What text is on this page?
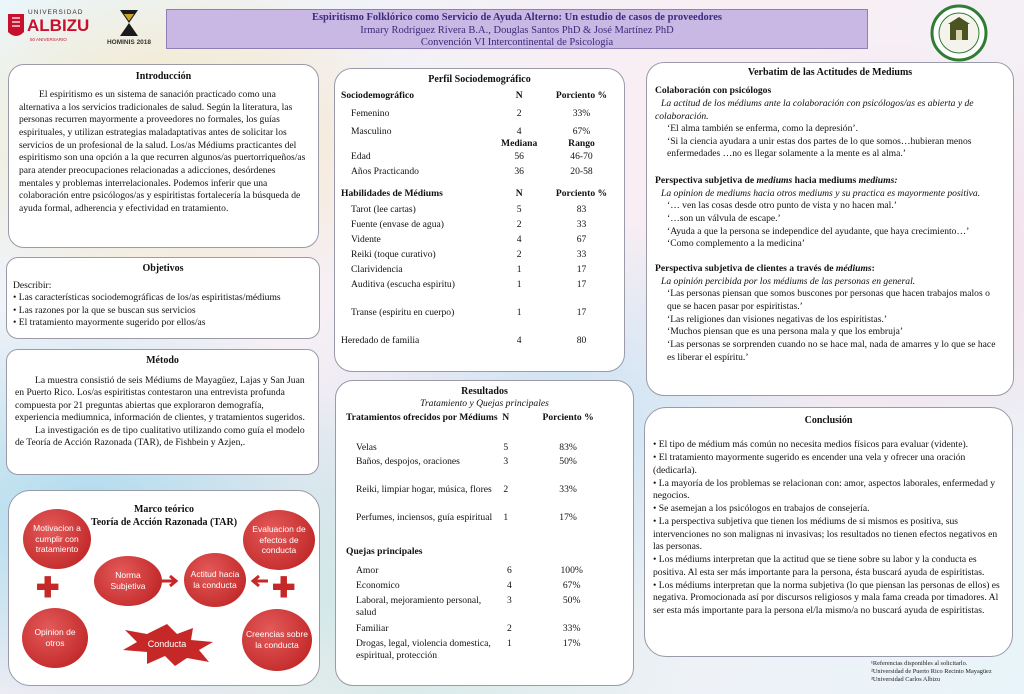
UNIVERSIDAD
ALBIZU
50 ANIVERSARIO	HOMINIS 2018
Espiritismo Folklórico como Servicio de Ayuda Alterno: Un estudio de casos de proveedores
Irmary Rodríguez Rivera B.A., Douglas Santos PhD & José Martínez PhD
Convención VI Intercontinental de Psicología
Introducción

El espiritismo es un sistema de sanación practicado como una alternativa a los servicios tradicionales de salud. Según la literatura, las personas recurren mayormente a proveedores no formales, los guías espirituales, y utilizan estrategias maladaptativas antes de solicitar los servicios de un profesional de la salud. Los/as Médiums practicantes del espiritismo son una opción a la que recurren algunos/as puertorriqueños/as para atender preocupaciones relacionadas a adicciones, desórdenes mentales y problemas interrelacionales. Podemos inferir que una colaboración entre psicólogos/as y espiritistas fortalecería la búsqueda de ayuda formal, adherencia y efectividad en tratamiento.

Objetivos
Describir:
• Las características sociodemográficas de los/as espiritistas/médiums
• Las razones por la que se buscan sus servicios
• El tratamiento mayormente sugerido por ellos/as
Método

La muestra consistió de seis Médiums de Mayagüez, Lajas y San Juan en Puerto Rico. Los/as espiritistas contestaron una entrevista profunda compuesta por 21 preguntas abiertas que exploraron demografía, experiencia mediumnica, información de clientes, y tratamientos sugeridos.

La investigación es de tipo cualitativo utilizando como guía el modelo de Teoría de Acción Razonada (TAR), de Fishbein y Azjen,.

Marco teórico
Teoría de Acción Razonada (TAR)
Motivacion a cumplir con tratamiento
Opinion de otros
Norma Subjetiva
Actitud hacia la conducta
Evaluacion de efectos de conducta
Creencias sobre la conducta
Conducta
✚	✚
Perfil Sociodemográfico
Sociodemográfico	N	Porciento %
Femenino	2	33%
Masculino	4	67%
	Mediana	Rango
Edad	56	46-70
Años Practicando	36	20-58
Habilidades de Médiums	N	Porciento %
Tarot (lee cartas)	5	83
Fuente (envase de agua)	2	33
Vidente	4	67
Reiki (toque curativo)	2	33
Clarividencia	1	17
Auditiva (escucha espiritu)	1	17
Transe (espiritu en cuerpo)	1	17
Heredado de familia	4	80
Resultados
Tratamiento y Quejas principales
Tratamientos ofrecidos por Médiums	N	Porciento %
Velas	5	83%
Baños, despojos, oraciones	3	50%
Reiki, limpiar hogar, música, flores	2	33%
Perfumes, inciensos, guía espiritual	1	17%
Quejas principales
Amor	6	100%
Economico	4	67%
Laboral, mejoramiento personal, salud	3	50%
Familiar	2	33%
Drogas, legal, violencia domestica, espiritual, protección	1	17%
Verbatim de las Actitudes de Mediums
Colaboración con psicólogos
La actitud de los médiums ante la colaboración con psicólogos/as es abierta y de colaboración.
‘El alma también se enferma, como la depresión’.
‘Si la ciencia ayudara a unir estas dos partes de lo que somos…hubieran menos enfermedades …no es llegar solamente a la mente es al alma.’
Perspectiva subjetiva de mediums hacia mediums mediums:
La opinion de mediums hacia otros mediums y su practica es mayormente positiva.
‘… ven las cosas desde otro punto de vista y no hacen mal.’
‘…son un válvula de escape.’
‘Ayuda a que la persona se independice del ayudante, que haya crecimiento…’
‘Como complemento a la medicina’
Perspectiva subjetiva de clientes a través de médiums:
La opinión percibida por los médiums de las personas en general.
‘Las personas piensan que somos buscones por personas que hacen trabajos malos o que se hacen pasar por espiritistas.’
‘Las religiones dan visiones negativas de los espiritistas.’
‘Muchos piensan que es una persona mala y que los embruja’
‘Las personas se sorprenden cuando no se hace mal, nada de amarres y lo que se hace es liberar el espíritu.’
Conclusión
• El tipo de médium más común no necesita medios físicos para evaluar (vidente).
• El tratamiento mayormente sugerido es encender una vela y ofrecer una oración (dedicarla).
• La mayoría de los problemas se relacionan con: amor, aspectos laborales, enfermedad y negocios.
• Se asemejan a los psicólogos en trabajos de consejería.
• La perspectiva subjetiva que tienen los médiums de si mismos es positiva, sus intervenciones no son malignas ni invasivas; los resultados no tienen efectos negativos en las personas.
• Los médiums interpretan que la actitud que se tiene sobre su labor y la conducta es positiva. Al esta ser más importante para la persona, ésta buscará ayuda de espiritistas.
• Los médiums interpretan que la norma subjetiva (lo que piensan las personas de ellos) es negativa. Promocionada así por discursos religiosos y mala fama creada por timadores. Al ser esta más importante para la persona el/la mismo/a no buscará ayuda de espiritistas.
¹Referencias disponibles al solicitarlo.
²Universidad de Puerto Rico Recinto Mayagüez
³Universidad Carlos Albizu
